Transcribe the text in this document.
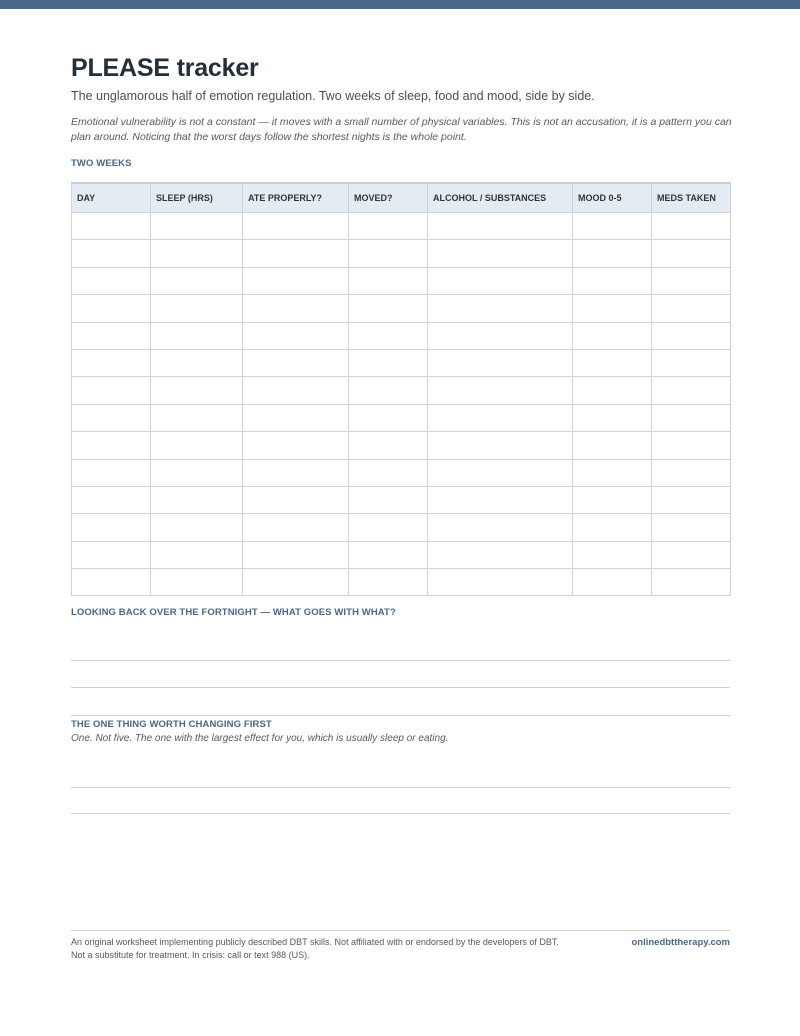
PLEASE tracker

The unglamorous half of emotion regulation. Two weeks of sleep, food and mood, side by side.

Emotional vulnerability is not a constant — it moves with a small number of physical variables. This is not an accusation, it is a pattern you can plan around. Noticing that the worst days follow the shortest nights is the whole point.

TWO WEEKS

DAY	SLEEP (HRS)	ATE PROPERLY?	MOVED?	ALCOHOL / SUBSTANCES	MOOD 0-5	MEDS TAKEN

LOOKING BACK OVER THE FORTNIGHT — WHAT GOES WITH WHAT?

THE ONE THING WORTH CHANGING FIRST

One. Not five. The one with the largest effect for you, which is usually sleep or eating.

An original worksheet implementing publicly described DBT skills. Not affiliated with or endorsed by the developers of DBT.
Not a substitute for treatment. In crisis: call or text 988 (US).

onlinedbttherapy.com
